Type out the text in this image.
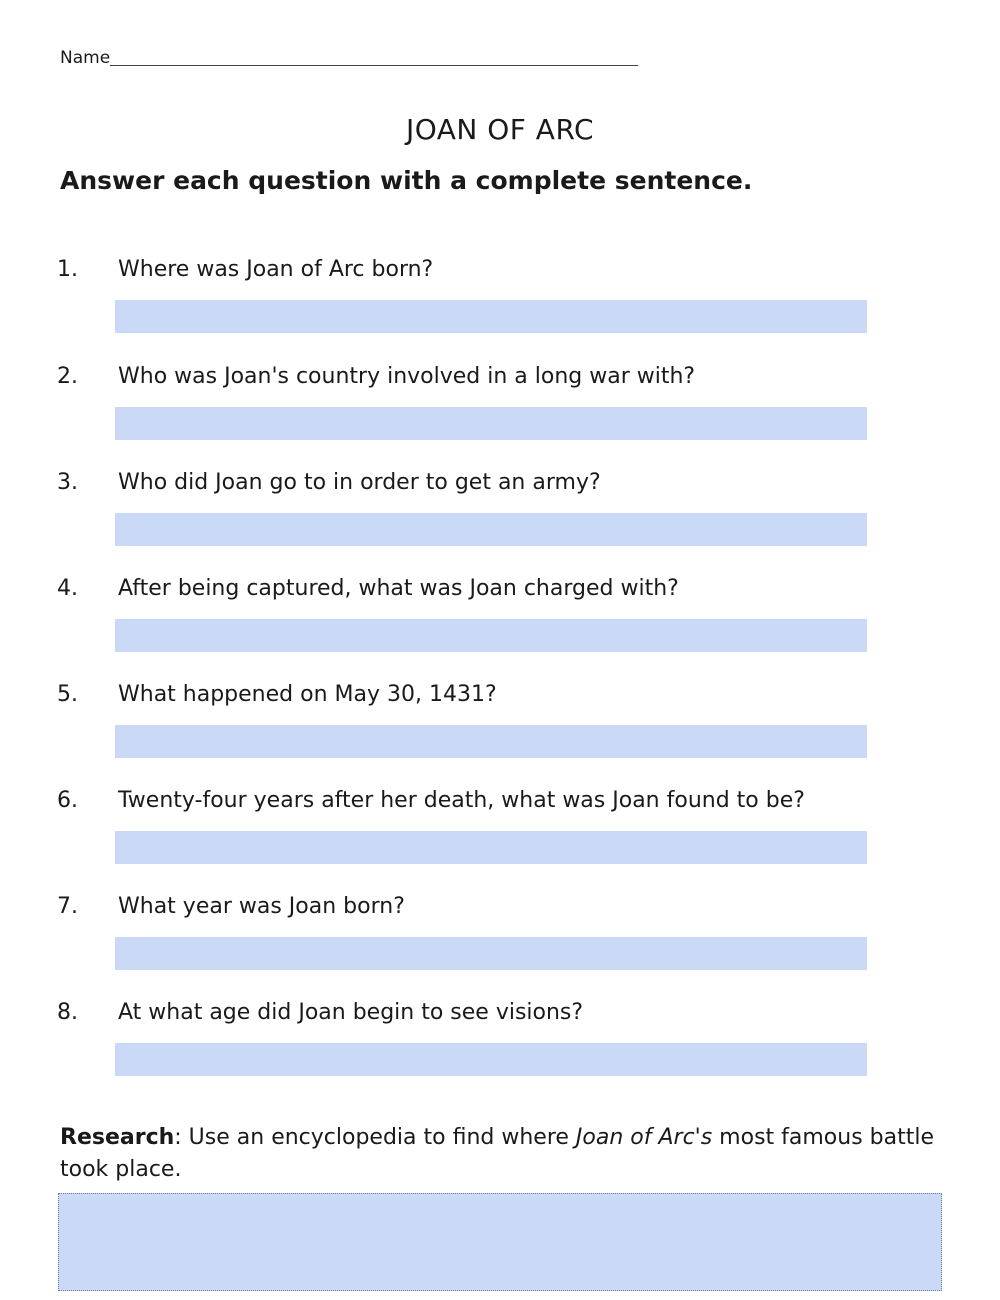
Name
JOAN OF ARC
Answer each question with a complete sentence.
1. Where was Joan of Arc born?
2. Who was Joan's country involved in a long war with?
3. Who did Joan go to in order to get an army?
4. After being captured, what was Joan charged with?
5. What happened on May 30, 1431?
6. Twenty-four years after her death, what was Joan found to be?
7. What year was Joan born?
8. At what age did Joan begin to see visions?
Research: Use an encyclopedia to find where Joan of Arc's most famous battle took place.
